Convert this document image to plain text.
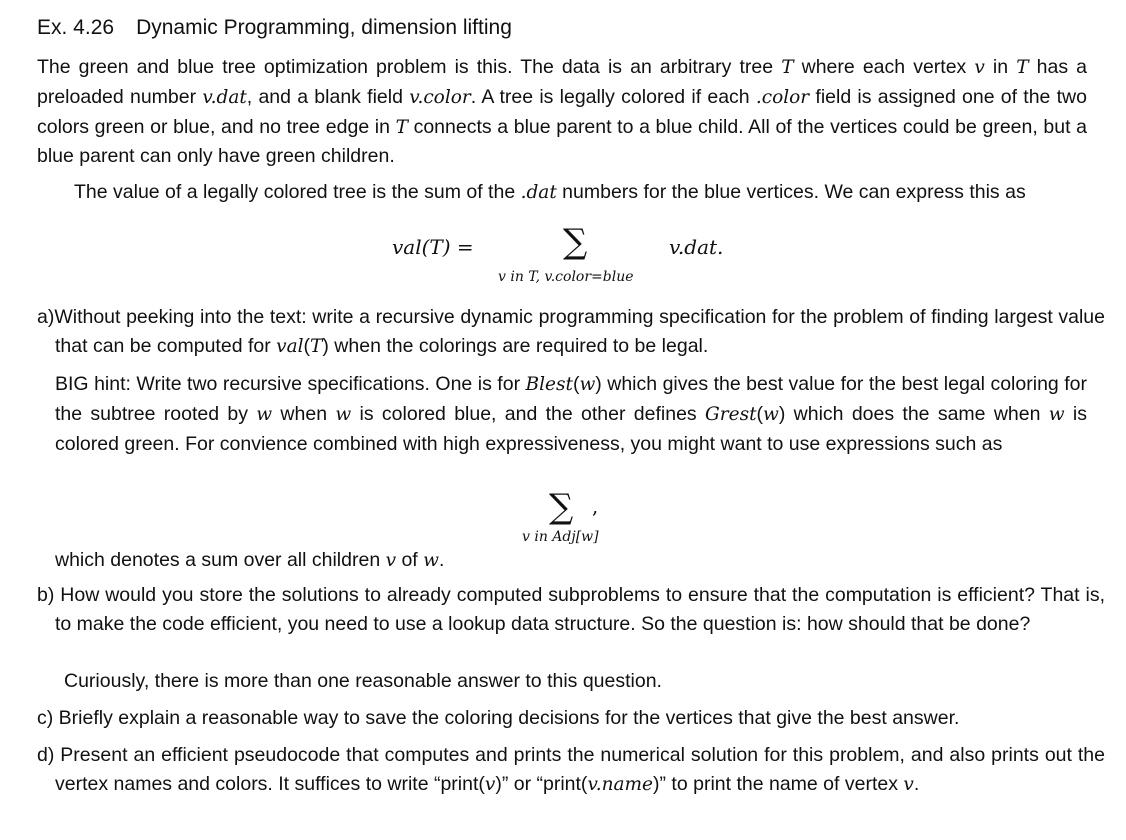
Ex. 4.26 Dynamic Programming, dimension lifting
The green and blue tree optimization problem is this. The data is an arbitrary tree T where each vertex v in T has a preloaded number v.dat, and a blank field v.color. A tree is legally colored if each .color field is assigned one of the two colors green or blue, and no tree edge in T connects a blue parent to a blue child. All of the vertices could be green, but a blue parent can only have green children.
The value of a legally colored tree is the sum of the .dat numbers for the blue vertices. We can express this as
val(T) =	∑
v in T, v.color=blue
v.dat.
a)Without peeking into the text: write a recursive dynamic programming specification for the problem of finding largest value that can be computed for val(T) when the colorings are required to be legal.
BIG hint: Write two recursive specifications. One is for Blest(w) which gives the best value for the best legal coloring for the subtree rooted by w when w is colored blue, and the other defines Grest(w) which does the same when w is colored green. For convience combined with high expressiveness, you might want to use expressions such as
∑ ,
v in Adj[w]
which denotes a sum over all children v of w.
b) How would you store the solutions to already computed subproblems to ensure that the computation is efficient? That is, to make the code efficient, you need to use a lookup data structure. So the question is: how should that be done?
Curiously, there is more than one reasonable answer to this question.
c) Briefly explain a reasonable way to save the coloring decisions for the vertices that give the best answer.
d) Present an efficient pseudocode that computes and prints the numerical solution for this problem, and also prints out the vertex names and colors. It suffices to write “print(v)” or “print(v.name)” to print the name of vertex v.
